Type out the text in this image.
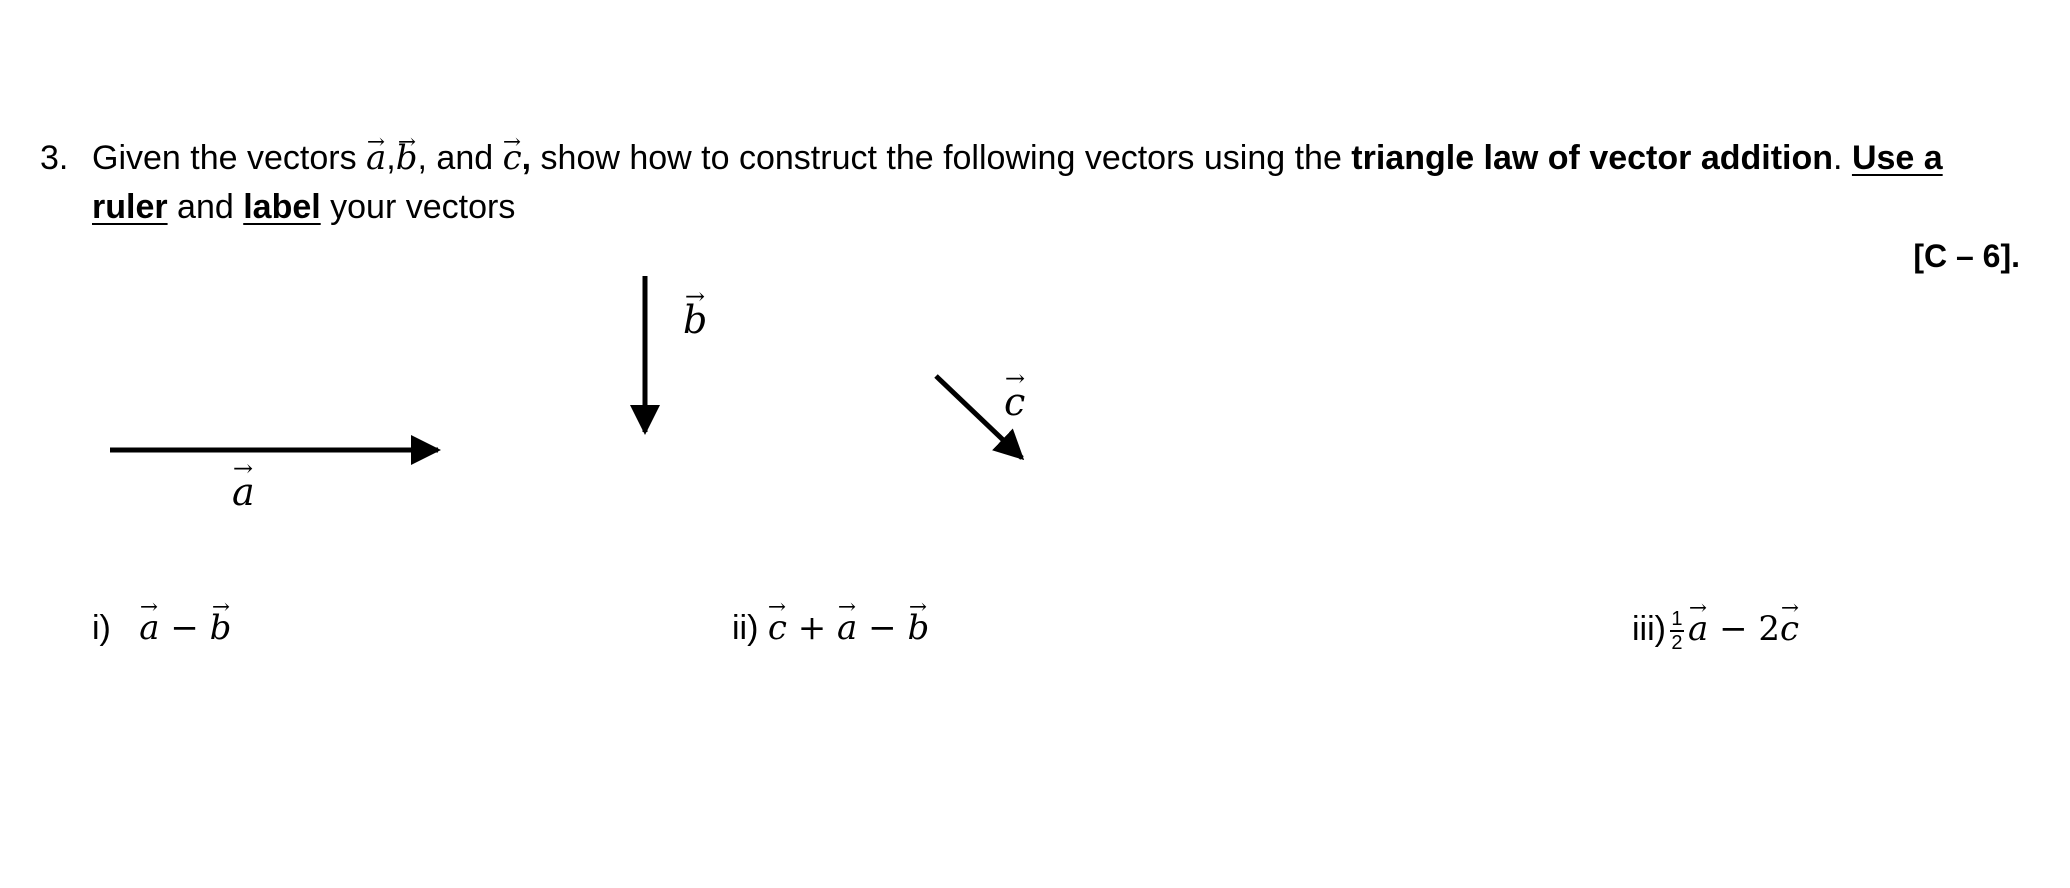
3. Given the vectors → a,→ b, and → c, show how to construct the following vectors using the triangle law of vector addition. Use a
ruler and label your vectors
[C – 6].
→ a
→ b
→ c
i)   → a − → b	ii) → c + → a − → b	$iii) \frac{1}{2}$
→ a − 2→ c
